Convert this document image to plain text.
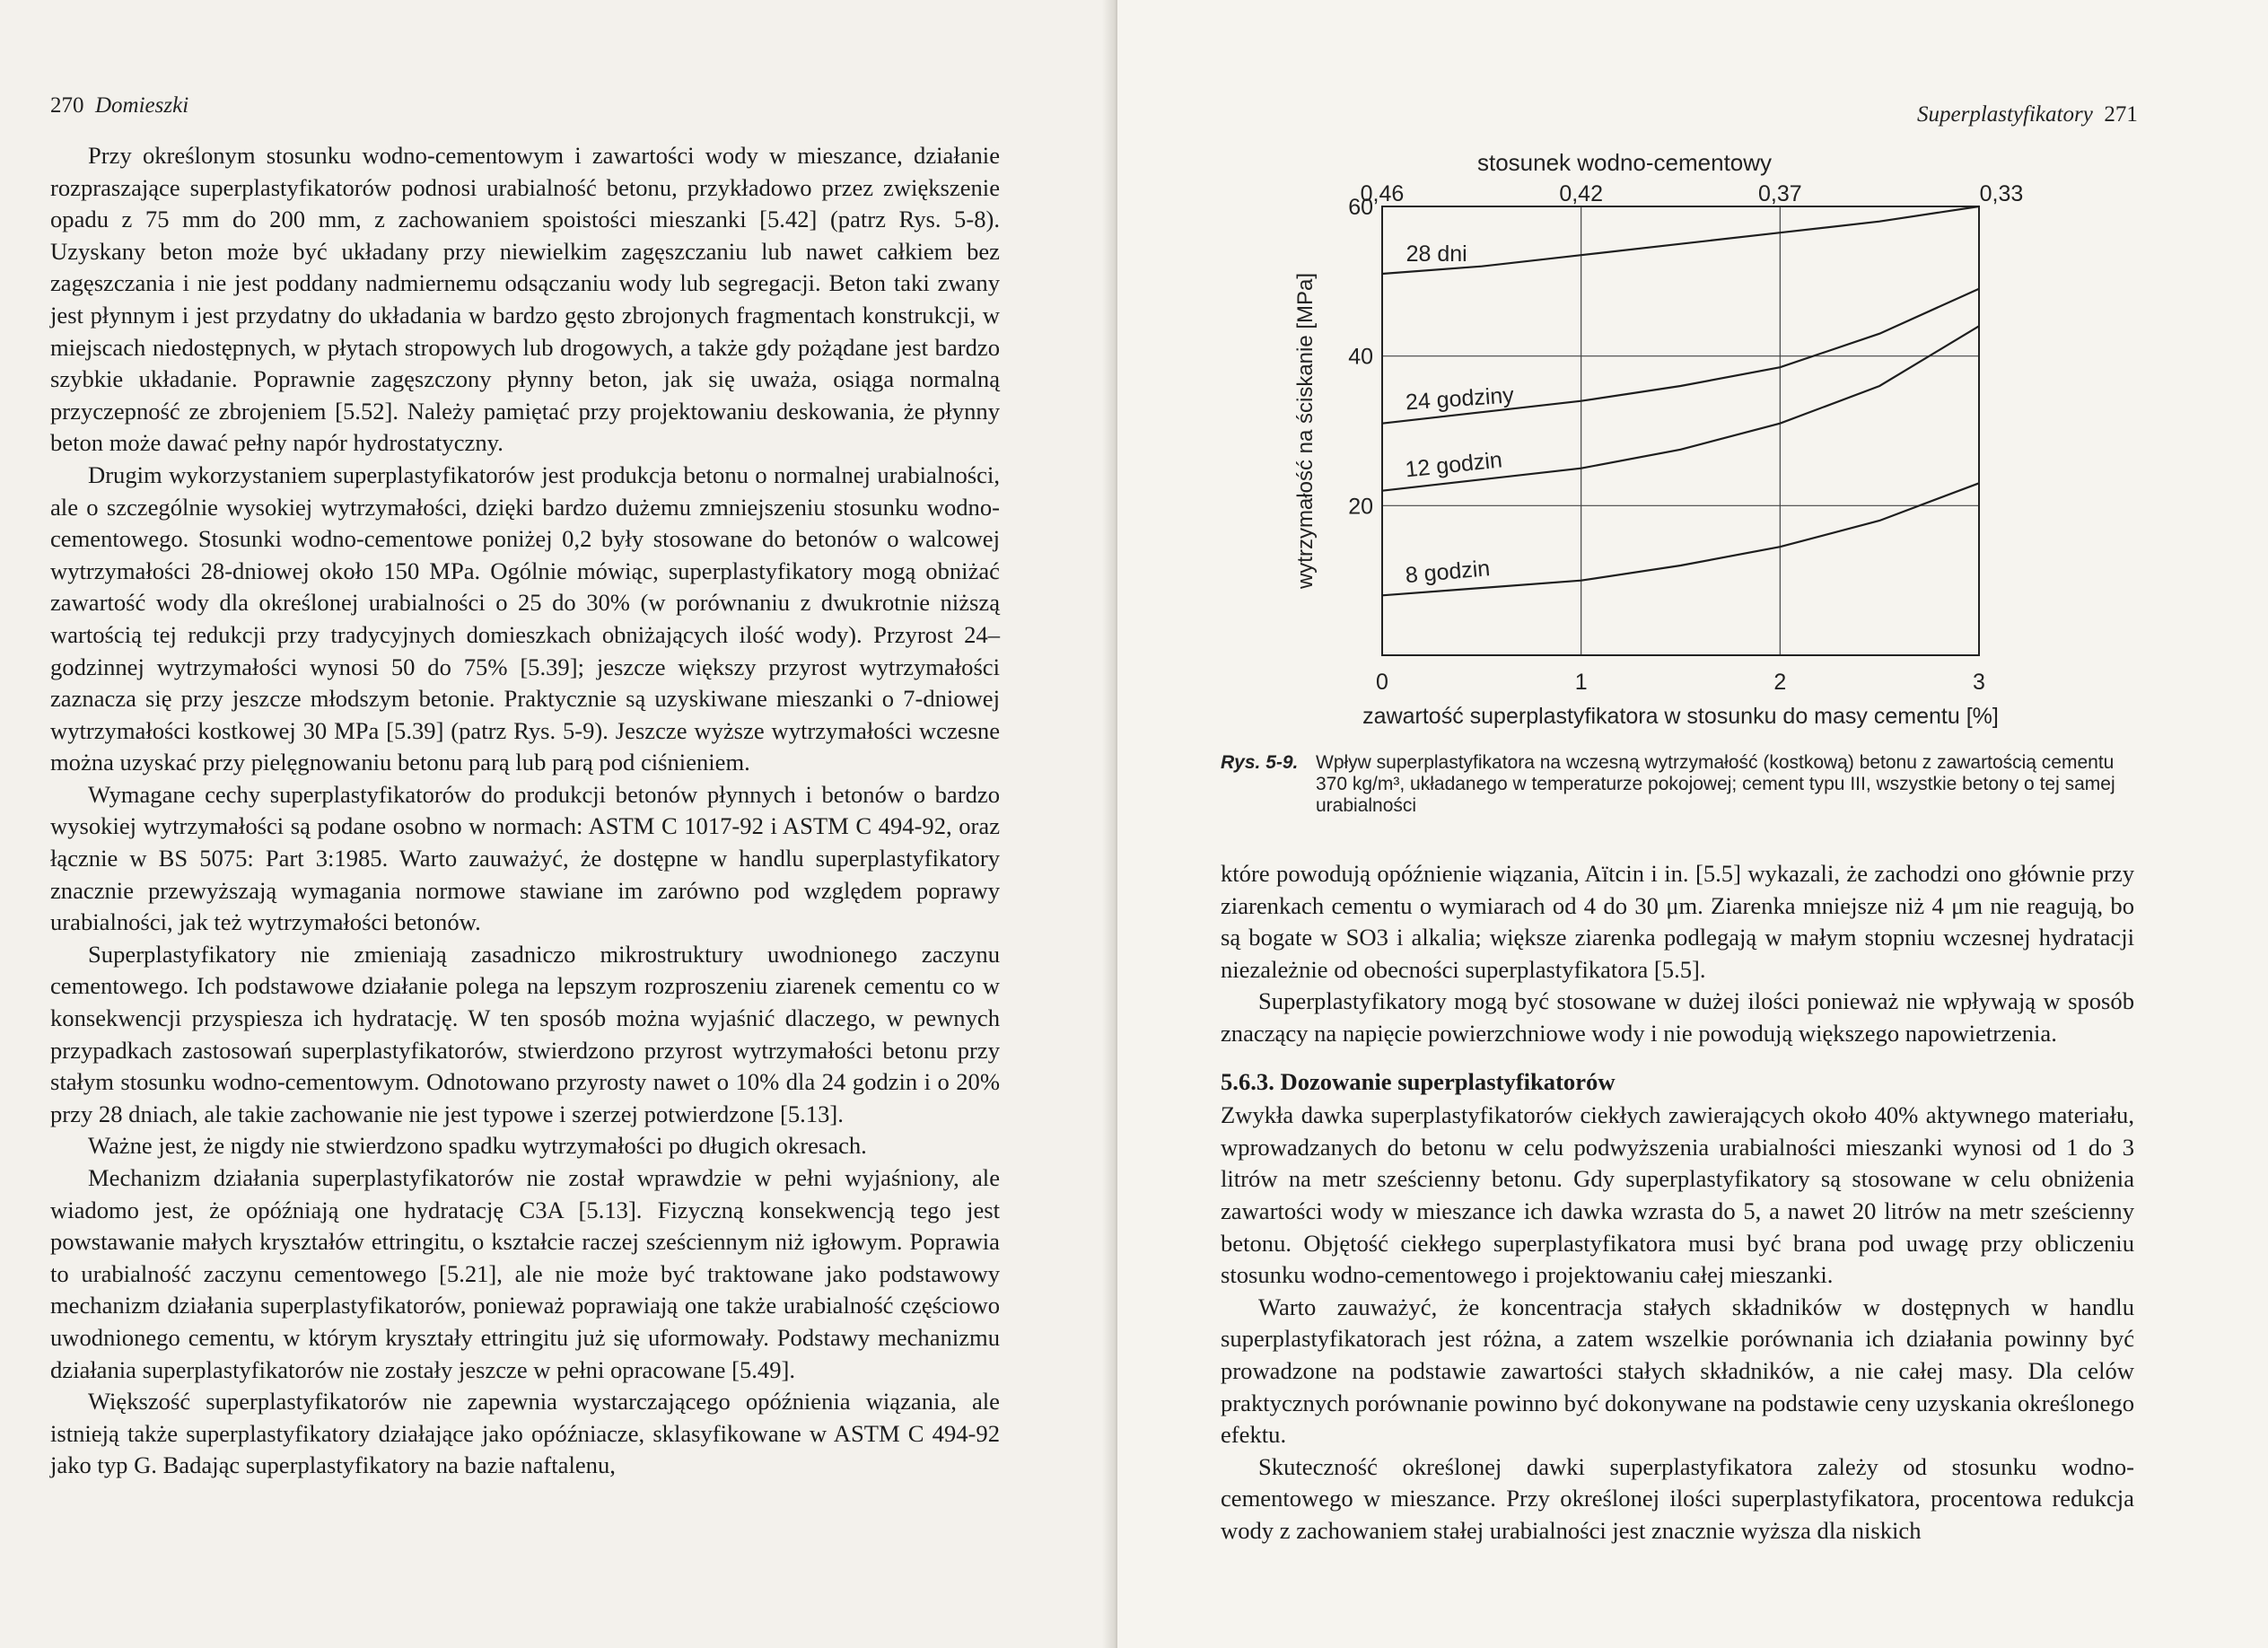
270 Domieszki

Przy określonym stosunku wodno-cementowym i zawartości wody w mieszance, działanie rozpraszające superplastyfikatorów podnosi urabialność betonu, przykładowo przez zwiększenie opadu z 75 mm do 200 mm, z zachowaniem spoistości mieszanki [5.42] (patrz Rys. 5-8). Uzyskany beton może być układany przy niewielkim zagęszczaniu lub nawet całkiem bez zagęszczania i nie jest poddany nadmiernemu odsączaniu wody lub segregacji. Beton taki zwany jest płynnym i jest przydatny do układania w bardzo gęsto zbrojonych fragmentach konstrukcji, w miejscach niedostępnych, w płytach stropowych lub drogowych, a także gdy pożądane jest bardzo szybkie układanie. Poprawnie zagęszczony płynny beton, jak się uważa, osiąga normalną przyczepność ze zbrojeniem [5.52]. Należy pamiętać przy projektowaniu deskowania, że płynny beton może dawać pełny napór hydrostatyczny.

Drugim wykorzystaniem superplastyfikatorów jest produkcja betonu o normalnej urabialności, ale o szczególnie wysokiej wytrzymałości, dzięki bardzo dużemu zmniejszeniu stosunku wodno-cementowego. Stosunki wodno-cementowe poniżej 0,2 były stosowane do betonów o walcowej wytrzymałości 28-dniowej około 150 MPa. Ogólnie mówiąc, superplastyfikatory mogą obniżać zawartość wody dla określonej urabialności o 25 do 30% (w porównaniu z dwukrotnie niższą wartością tej redukcji przy tradycyjnych domieszkach obniżających ilość wody). Przyrost 24–godzinnej wytrzymałości wynosi 50 do 75% [5.39]; jeszcze większy przyrost wytrzymałości zaznacza się przy jeszcze młodszym betonie. Praktycznie są uzyskiwane mieszanki o 7-dniowej wytrzymałości kostkowej 30 MPa [5.39] (patrz Rys. 5-9). Jeszcze wyższe wytrzymałości wczesne można uzyskać przy pielęgnowaniu betonu parą lub parą pod ciśnieniem.

Wymagane cechy superplastyfikatorów do produkcji betonów płynnych i betonów o bardzo wysokiej wytrzymałości są podane osobno w normach: ASTM C 1017-92 i ASTM C 494-92, oraz łącznie w BS 5075: Part 3:1985. Warto zauważyć, że dostępne w handlu superplastyfikatory znacznie przewyższają wymagania normowe stawiane im zarówno pod względem poprawy urabialności, jak też wytrzymałości betonów.

Superplastyfikatory nie zmieniają zasadniczo mikrostruktury uwodnionego zaczynu cementowego. Ich podstawowe działanie polega na lepszym rozproszeniu ziarenek cementu co w konsekwencji przyspiesza ich hydratację. W ten sposób można wyjaśnić dlaczego, w pewnych przypadkach zastosowań superplastyfikatorów, stwierdzono przyrost wytrzymałości betonu przy stałym stosunku wodno-cementowym. Odnotowano przyrosty nawet o 10% dla 24 godzin i o 20% przy 28 dniach, ale takie zachowanie nie jest typowe i szerzej potwierdzone [5.13].

Ważne jest, że nigdy nie stwierdzono spadku wytrzymałości po długich okresach.

Mechanizm działania superplastyfikatorów nie został wprawdzie w pełni wyjaśniony, ale wiadomo jest, że opóźniają one hydratację C3A [5.13]. Fizyczną konsekwencją tego jest powstawanie małych kryształów ettringitu, o kształcie raczej sześciennym niż igłowym. Poprawia to urabialność zaczynu cementowego [5.21], ale nie może być traktowane jako podstawowy mechanizm działania superplastyfikatorów, ponieważ poprawiają one także urabialność częściowo uwodnionego cementu, w którym kryształy ettringitu już się uformowały. Podstawy mechanizmu działania superplastyfikatorów nie zostały jeszcze w pełni opracowane [5.49].

Większość superplastyfikatorów nie zapewnia wystarczającego opóźnienia wiązania, ale istnieją także superplastyfikatory działające jako opóźniacze, sklasyfikowane w ASTM C 494-92 jako typ G. Badając superplastyfikatory na bazie naftalenu,

Superplastyfikatory 271
stosunek wodno-cementowy
0,46	0,42	0,37	0,33
28 dni
24 godziny
12 godzin
8 godzin
20
40
60
0	1	2	3
wytrzymałość na ściskanie [MPa]
zawartość superplastyfikatora w stosunku do masy cementu [%]
Rys. 5-9. Wpływ superplastyfikatora na wczesną wytrzymałość (kostkową) betonu z zawartością cementu 370 kg/m³, układanego w temperaturze pokojowej; cement typu III, wszystkie betony o tej samej urabialności

które powodują opóźnienie wiązania, Aïtcin i in. [5.5] wykazali, że zachodzi ono głównie przy ziarenkach cementu o wymiarach od 4 do 30 μm. Ziarenka mniejsze niż 4 μm nie reagują, bo są bogate w SO3 i alkalia; większe ziarenka podlegają w małym stopniu wczesnej hydratacji niezależnie od obecności superplastyfikatora [5.5].

Superplastyfikatory mogą być stosowane w dużej ilości ponieważ nie wpływają w sposób znaczący na napięcie powierzchniowe wody i nie powodują większego napowietrzenia.

5.6.3. Dozowanie superplastyfikatorów

Zwykła dawka superplastyfikatorów ciekłych zawierających około 40% aktywnego materiału, wprowadzanych do betonu w celu podwyższenia urabialności mieszanki wynosi od 1 do 3 litrów na metr sześcienny betonu. Gdy superplastyfikatory są stosowane w celu obniżenia zawartości wody w mieszance ich dawka wzrasta do 5, a nawet 20 litrów na metr sześcienny betonu. Objętość ciekłego superplastyfikatora musi być brana pod uwagę przy obliczeniu stosunku wodno-cementowego i projektowaniu całej mieszanki.

Warto zauważyć, że koncentracja stałych składników w dostępnych w handlu superplastyfikatorach jest różna, a zatem wszelkie porównania ich działania powinny być prowadzone na podstawie zawartości stałych składników, a nie całej masy. Dla celów praktycznych porównanie powinno być dokonywane na podstawie ceny uzyskania określonego efektu.

Skuteczność określonej dawki superplastyfikatora zależy od stosunku wodno-cementowego w mieszance. Przy określonej ilości superplastyfikatora, procentowa redukcja wody z zachowaniem stałej urabialności jest znacznie wyższa dla niskich
